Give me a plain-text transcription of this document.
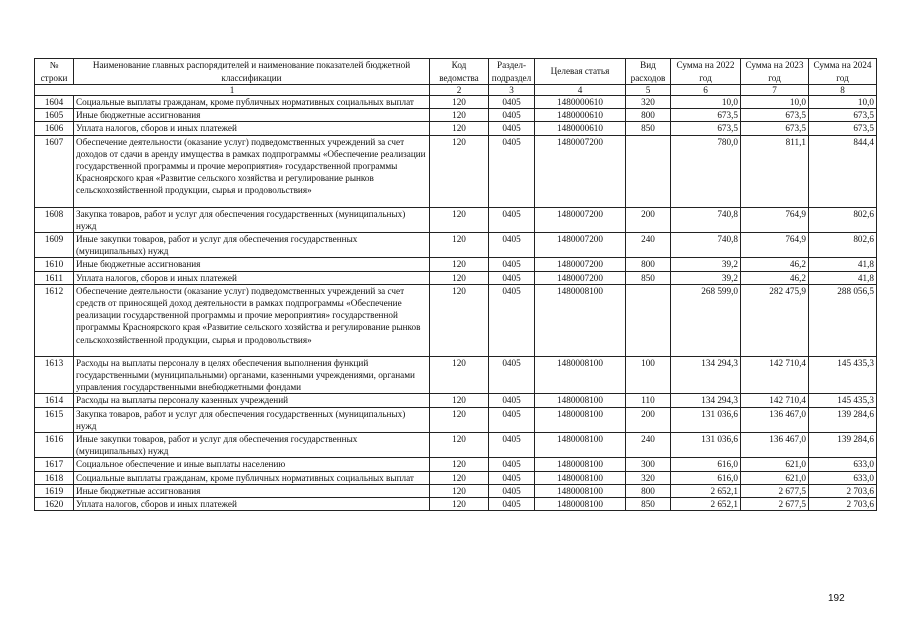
№ строки	Наименование главных распорядителей и наименование показателей бюджетной классификации	Код ведомства	Раздел-подраздел	Целевая статья	Вид расходов	Сумма на 2022 год	Сумма на 2023 год	Сумма на 2024 год
1		2	3	4	5	6	7	8
1604	Социальные выплаты гражданам, кроме публичных нормативных социальных выплат	120	0405	1480000610	320	10,0	10,0	10,0
1605	Иные бюджетные ассигнования	120	0405	1480000610	800	673,5	673,5	673,5
1606	Уплата налогов, сборов и иных платежей	120	0405	1480000610	850	673,5	673,5	673,5
1607	Обеспечение деятельности (оказание услуг) подведомственных учреждений за счет доходов от сдачи в аренду имущества в рамках подпрограммы «Обеспечение реализации государственной программы и прочие мероприятия» государственной программы Красноярского края «Развитие сельского хозяйства и регулирование рынков сельскохозяйственной продукции, сырья и продовольствия»	120	0405	1480007200		780,0	811,1	844,4
1608	Закупка товаров, работ и услуг для обеспечения государственных (муниципальных) нужд	120	0405	1480007200	200	740,8	764,9	802,6
1609	Иные закупки товаров, работ и услуг для обеспечения государственных (муниципальных) нужд	120	0405	1480007200	240	740,8	764,9	802,6
1610	Иные бюджетные ассигнования	120	0405	1480007200	800	39,2	46,2	41,8
1611	Уплата налогов, сборов и иных платежей	120	0405	1480007200	850	39,2	46,2	41,8
1612	Обеспечение деятельности (оказание услуг) подведомственных учреждений за счет средств от приносящей доход деятельности в рамках подпрограммы «Обеспечение реализации государственной программы и прочие мероприятия» государственной программы Красноярского края «Развитие сельского хозяйства и регулирование рынков сельскохозяйственной продукции, сырья и продовольствия»	120	0405	1480008100		268 599,0	282 475,9	288 056,5
1613	Расходы на выплаты персоналу в целях обеспечения выполнения функций государственными (муниципальными) органами, казенными учреждениями, органами управления государственными внебюджетными фондами	120	0405	1480008100	100	134 294,3	142 710,4	145 435,3
1614	Расходы на выплаты персоналу казенных учреждений	120	0405	1480008100	110	134 294,3	142 710,4	145 435,3
1615	Закупка товаров, работ и услуг для обеспечения государственных (муниципальных) нужд	120	0405	1480008100	200	131 036,6	136 467,0	139 284,6
1616	Иные закупки товаров, работ и услуг для обеспечения государственных (муниципальных) нужд	120	0405	1480008100	240	131 036,6	136 467,0	139 284,6
1617	Социальное обеспечение и иные выплаты населению	120	0405	1480008100	300	616,0	621,0	633,0
1618	Социальные выплаты гражданам, кроме публичных нормативных социальных выплат	120	0405	1480008100	320	616,0	621,0	633,0
1619	Иные бюджетные ассигнования	120	0405	1480008100	800	2 652,1	2 677,5	2 703,6
1620	Уплата налогов, сборов и иных платежей	120	0405	1480008100	850	2 652,1	2 677,5	2 703,6
192
